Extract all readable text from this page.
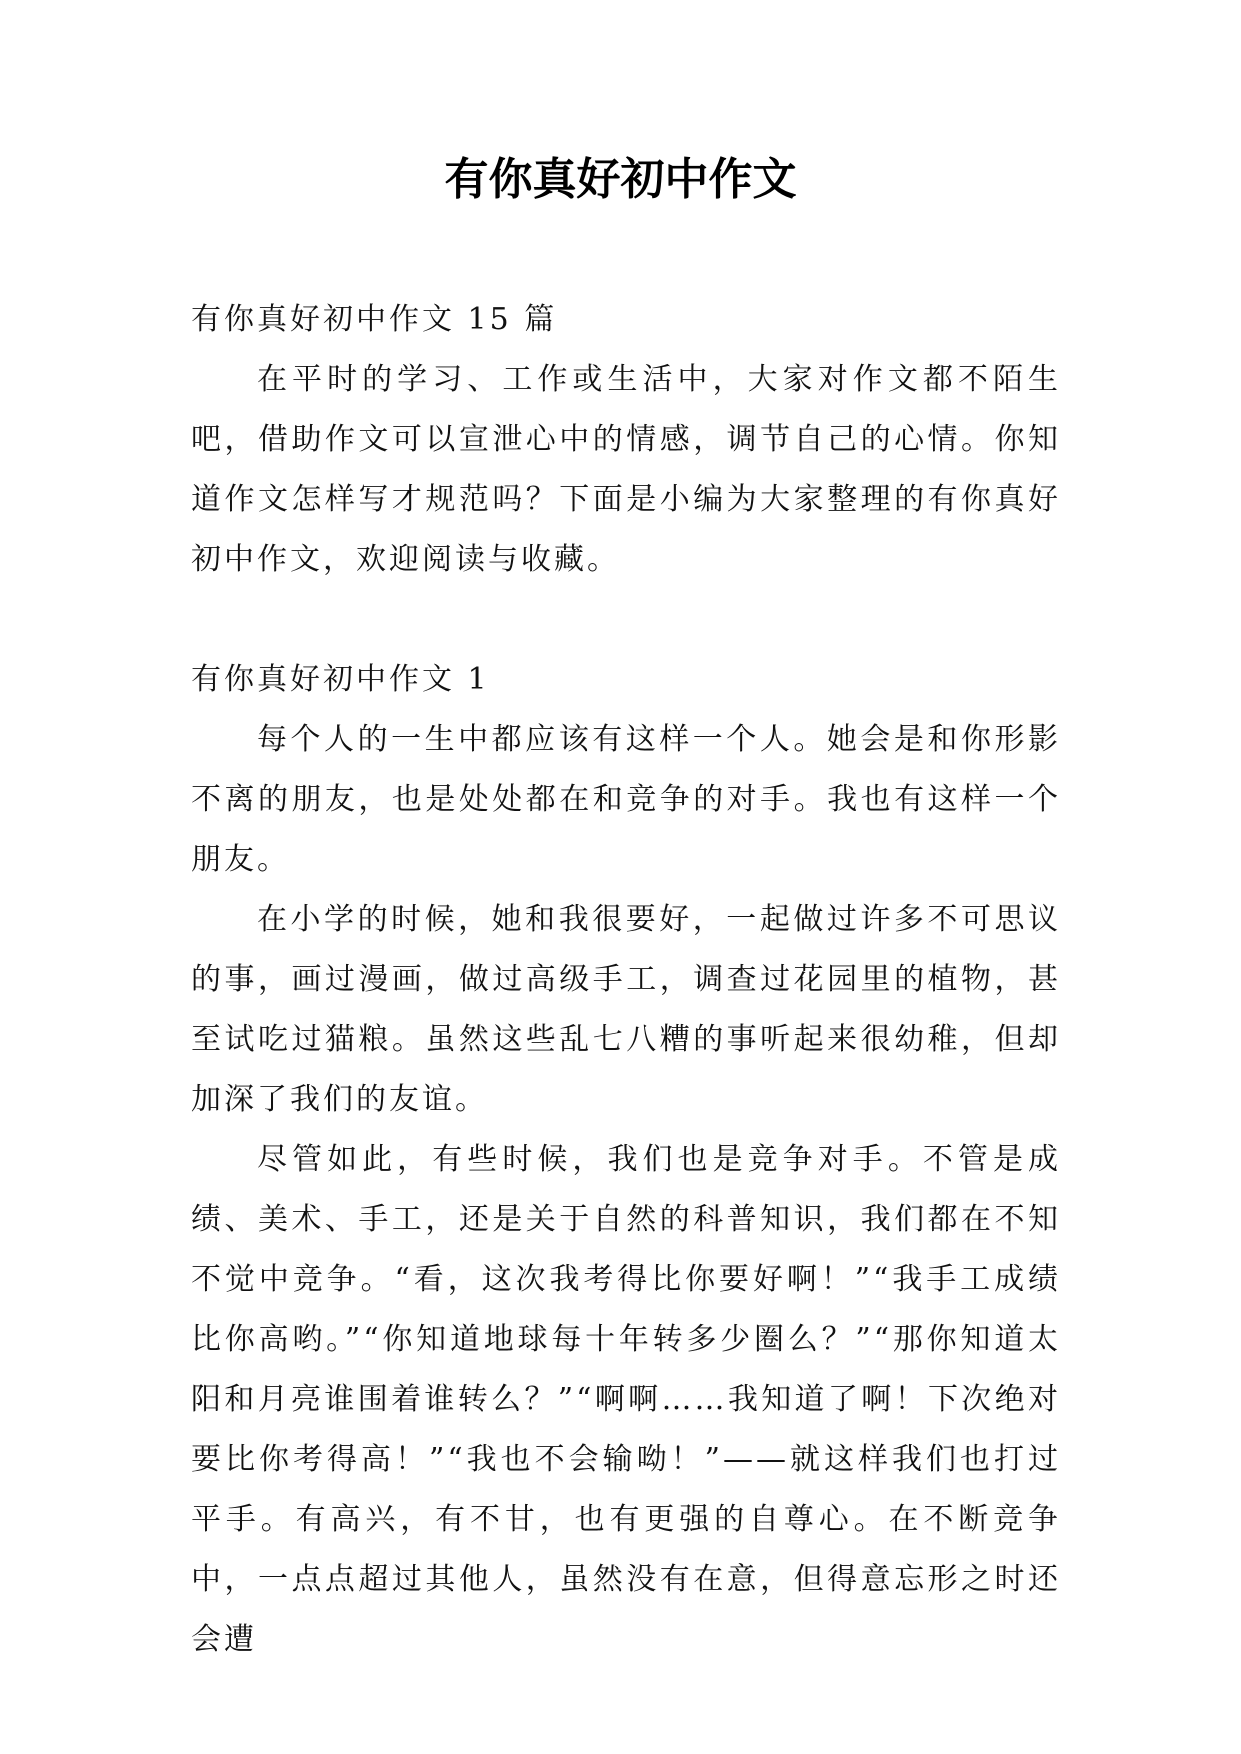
有你真好初中作文

有你真好初中作文 15 篇

在平时的学习、工作或生活中，大家对作文都不陌生吧，借助作文可以宣泄心中的情感，调节自己的心情。你知道作文怎样写才规范吗？下面是小编为大家整理的有你真好初中作文，欢迎阅读与收藏。

有你真好初中作文 1

每个人的一生中都应该有这样一个人。她会是和你形影不离的朋友，也是处处都在和竞争的对手。我也有这样一个朋友。

在小学的时候，她和我很要好，一起做过许多不可思议的事，画过漫画，做过高级手工，调查过花园里的植物，甚至试吃过猫粮。虽然这些乱七八糟的事听起来很幼稚，但却加深了我们的友谊。

尽管如此，有些时候，我们也是竞争对手。不管是成绩、美术、手工，还是关于自然的科普知识，我们都在不知不觉中竞争。“看，这次我考得比你要好啊！”“我手工成绩比你高哟。”“你知道地球每十年转多少圈么？”“那你知道太阳和月亮谁围着谁转么？”“啊啊……我知道了啊！下次绝对要比你考得高！”“我也不会输呦！”——就这样我们也打过平手。有高兴，有不甘，也有更强的自尊心。在不断竞争中，一点点超过其他人，虽然没有在意，但得意忘形之时还会遭
